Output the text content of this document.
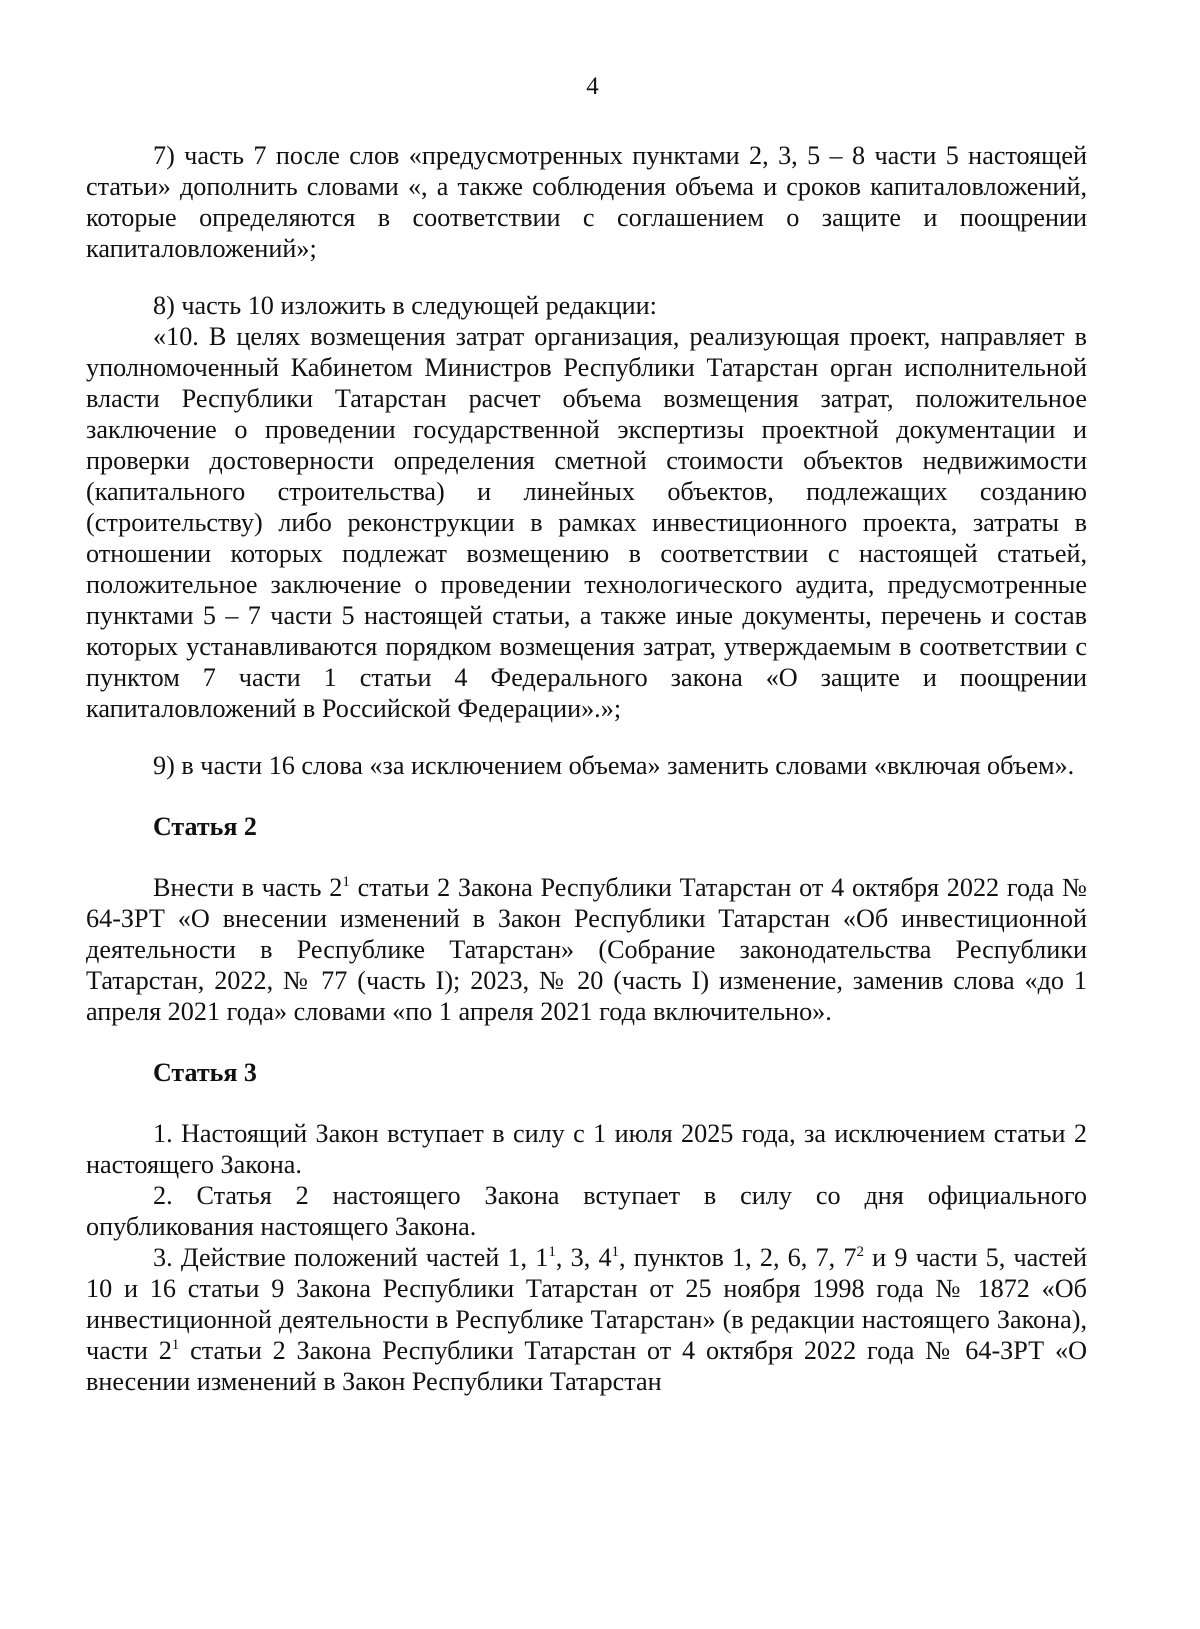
4

7) часть 7 после слов «предусмотренных пунктами 2, 3, 5 – 8 части 5 настоящей статьи» дополнить словами «, а также соблюдения объема и сроков капиталовложений, которые определяются в соответствии с соглашением о защите и поощрении капиталовложений»;

8) часть 10 изложить в следующей редакции:

«10. В целях возмещения затрат организация, реализующая проект, направляет в уполномоченный Кабинетом Министров Республики Татарстан орган исполнительной власти Республики Татарстан расчет объема возмещения затрат, положительное заключение о проведении государственной экспертизы проектной документации и проверки достоверности определения сметной стоимости объектов недвижимости (капитального строительства) и линейных объектов, подлежащих созданию (строительству) либо реконструкции в рамках инвестиционного проекта, затраты в отношении которых подлежат возмещению в соответствии с настоящей статьей, положительное заключение о проведении технологического аудита, предусмотренные пунктами 5 – 7 части 5 настоящей статьи, а также иные документы, перечень и состав которых устанавливаются порядком возмещения затрат, утверждаемым в соответствии с пунктом 7 части 1 статьи 4 Федерального закона «О защите и поощрении капиталовложений в Российской Федерации».»;

9) в части 16 слова «за исключением объема» заменить словами «включая объем».

Статья 2

Внести в часть $2^1$ статьи 2 Закона Республики Татарстан от 4 октября 2022 года № 64-ЗРТ «О внесении изменений в Закон Республики Татарстан «Об инвестиционной деятельности в Республике Татарстан» (Собрание законодательства Республики Татарстан, 2022, № 77 (часть I); 2023, № 20 (часть I) изменение, заменив слова «до 1 апреля 2021 года» словами «по 1 апреля 2021 года включительно».

Статья 3

1. Настоящий Закон вступает в силу с 1 июля 2025 года, за исключением статьи 2 настоящего Закона.

2. Статья 2 настоящего Закона вступает в силу со дня официального опубликования настоящего Закона.

3. Действие положений частей 1, $1^1$, 3, $4^1$, пунктов 1, 2, 6, 7, $7^2$ и 9 части 5, частей 10 и 16 статьи 9 Закона Республики Татарстан от 25 ноября 1998 года № 1872 «Об инвестиционной деятельности в Республике Татарстан» (в редакции настоящего Закона), части $2^1$ статьи 2 Закона Республики Татарстан от 4 октября 2022 года № 64-ЗРТ «О внесении изменений в Закон Республики Татарстан
